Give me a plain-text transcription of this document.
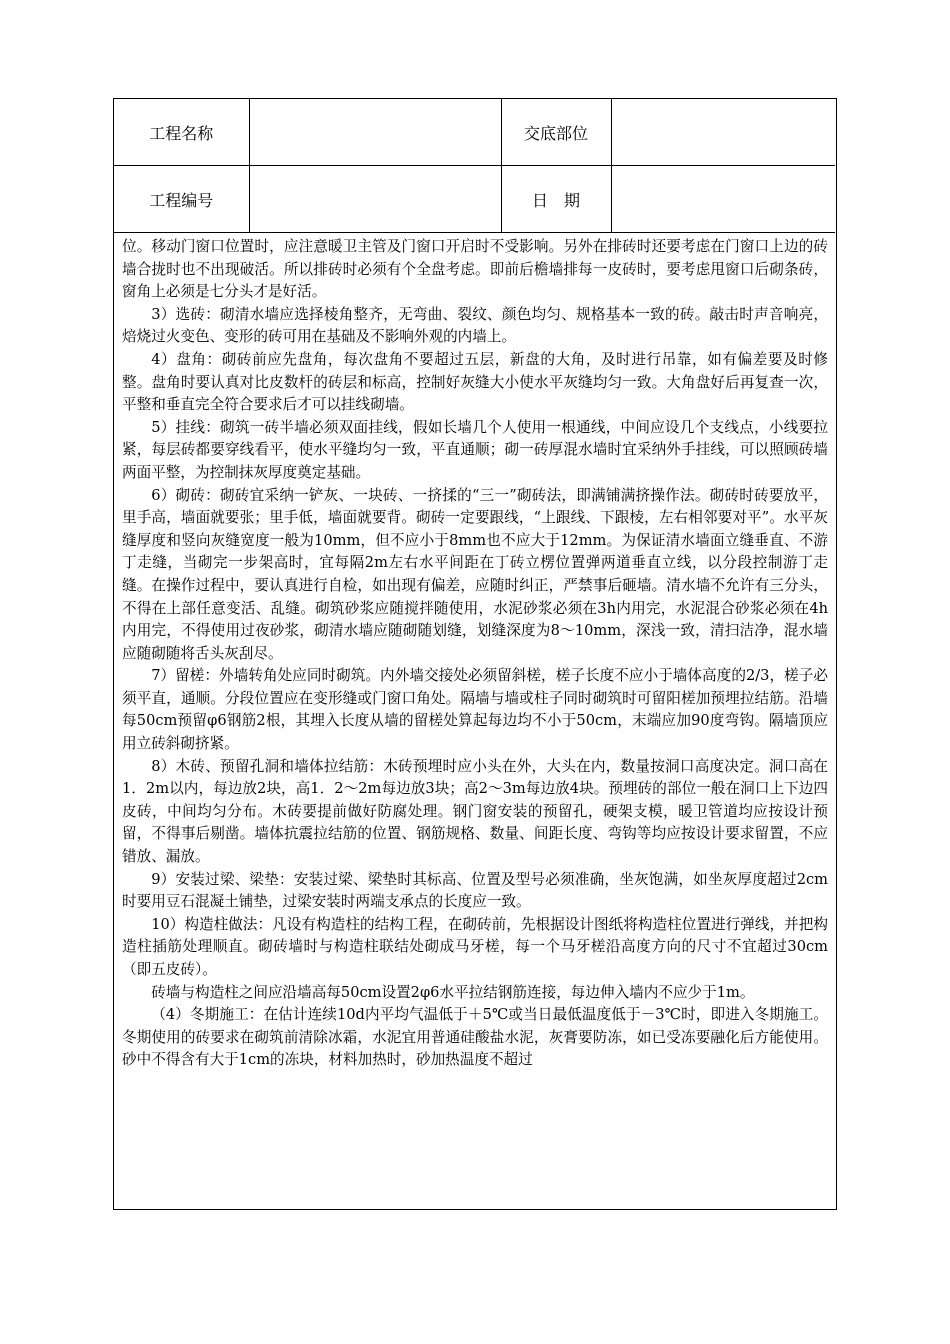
工程名称		交底部位	
工程编号		日　期	

位。移动门窗口位置时，应注意暖卫主管及门窗口开启时不受影响。另外在排砖时还要考虑在门窗口上边的砖墙合拢时也不出现破活。所以排砖时必须有个全盘考虑。即前后檐墙排每一皮砖时，要考虑甩窗口后砌条砖，窗角上必须是七分头才是好活。

3）选砖：砌清水墙应选择棱角整齐，无弯曲、裂纹、颜色均匀、规格基本一致的砖。敲击时声音响亮，焙烧过火变色、变形的砖可用在基础及不影响外观的内墙上。

4）盘角：砌砖前应先盘角，每次盘角不要超过五层，新盘的大角，及时进行吊靠，如有偏差要及时修整。盘角时要认真对比皮数杆的砖层和标高，控制好灰缝大小使水平灰缝均匀一致。大角盘好后再复查一次，平整和垂直完全符合要求后才可以挂线砌墙。

5）挂线：砌筑一砖半墙必须双面挂线，假如长墙几个人使用一根通线，中间应设几个支线点，小线要拉紧，每层砖都要穿线看平，使水平缝均匀一致，平直通顺；砌一砖厚混水墙时宜采纳外手挂线，可以照顾砖墙两面平整，为控制抹灰厚度奠定基础。

6）砌砖：砌砖宜采纳一铲灰、一块砖、一挤揉的“三一”砌砖法，即满铺满挤操作法。砌砖时砖要放平，里手高，墙面就要张；里手低，墙面就要背。砌砖一定要跟线，“上跟线、下跟棱，左右相邻要对平”。水平灰缝厚度和竖向灰缝宽度一般为10mm，但不应小于8mm也不应大于12mm。为保证清水墙面立缝垂直、不游丁走缝，当砌完一步架高时，宜每隔2m左右水平间距在丁砖立楞位置弹两道垂直立线，以分段控制游丁走缝。在操作过程中，要认真进行自检，如出现有偏差，应随时纠正，严禁事后砸墙。清水墙不允许有三分头，不得在上部任意变活、乱缝。砌筑砂浆应随搅拌随使用，水泥砂浆必须在3h内用完，水泥混合砂浆必须在4h内用完，不得使用过夜砂浆，砌清水墙应随砌随划缝，划缝深度为8～10mm，深浅一致，清扫洁净，混水墙应随砌随将舌头灰刮尽。

7）留槎：外墙转角处应同时砌筑。内外墙交接处必须留斜槎，槎子长度不应小于墙体高度的2/3，槎子必须平直，通顺。分段位置应在变形缝或门窗口角处。隔墙与墙或柱子同时砌筑时可留阳槎加预埋拉结筋。沿墙每50cm预留φ6钢筋2根，其埋入长度从墙的留槎处算起每边均不小于50cm，末端应加90度弯钩。隔墙顶应用立砖斜砌挤紧。

8）木砖、预留孔洞和墙体拉结筋：木砖预埋时应小头在外，大头在内，数量按洞口高度决定。洞口高在1．2m以内，每边放2块，高1．2～2m每边放3块；高2～3m每边放4块。预埋砖的部位一般在洞口上下边四皮砖，中间均匀分布。木砖要提前做好防腐处理。钢门窗安装的预留孔，硬架支模，暖卫管道均应按设计预留，不得事后剔凿。墙体抗震拉结筋的位置、钢筋规格、数量、间距长度、弯钩等均应按设计要求留置，不应错放、漏放。

9）安装过梁、梁垫：安装过梁、梁垫时其标高、位置及型号必须准确，坐灰饱满，如坐灰厚度超过2cm时要用豆石混凝土铺垫，过梁安装时两端支承点的长度应一致。

10）构造柱做法：凡设有构造柱的结构工程，在砌砖前，先根据设计图纸将构造柱位置进行弹线，并把构造柱插筋处理顺直。砌砖墙时与构造柱联结处砌成马牙槎，每一个马牙槎沿高度方向的尺寸不宜超过30cm（即五皮砖）。

砖墙与构造柱之间应沿墙高每50cm设置2φ6水平拉结钢筋连接，每边伸入墙内不应少于1m。

（4）冬期施工：在估计连续10d内平均气温低于＋5℃或当日最低温度低于－3℃时，即进入冬期施工。冬期使用的砖要求在砌筑前清除冰霜，水泥宜用普通硅酸盐水泥，灰膏要防冻，如已受冻要融化后方能使用。砂中不得含有大于1cm的冻块，材料加热时，砂加热温度不超过
